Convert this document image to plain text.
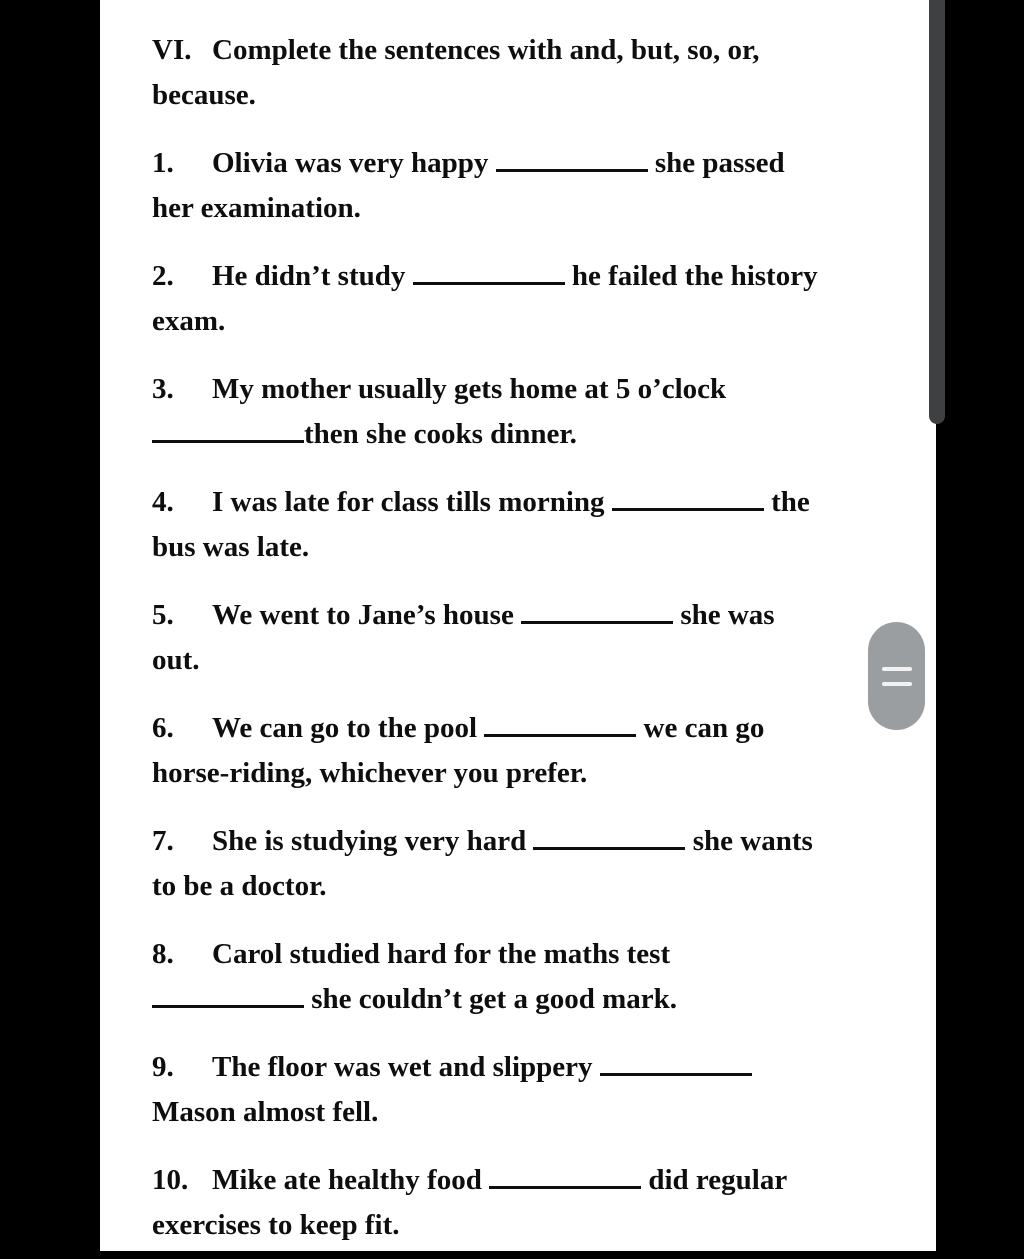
VI. Complete the sentences with and, but, so, or,
because.
1. Olivia was very happy	she passed
her examination.
2. He didn’t study	he failed the history
exam.
3. My mother usually gets home at 5 o’clock
then she cooks dinner.
4. I was late for class tills morning	the
bus was late.
5. We went to Jane’s house	she was
out.
6. We can go to the pool	we can go
horse-riding, whichever you prefer.
7. She is studying very hard	she wants
to be a doctor.
8. Carol studied hard for the maths test
she couldn’t get a good mark.
9. The floor was wet and slippery
Mason almost fell.
10. Mike ate healthy food	did regular
exercises to keep fit.
